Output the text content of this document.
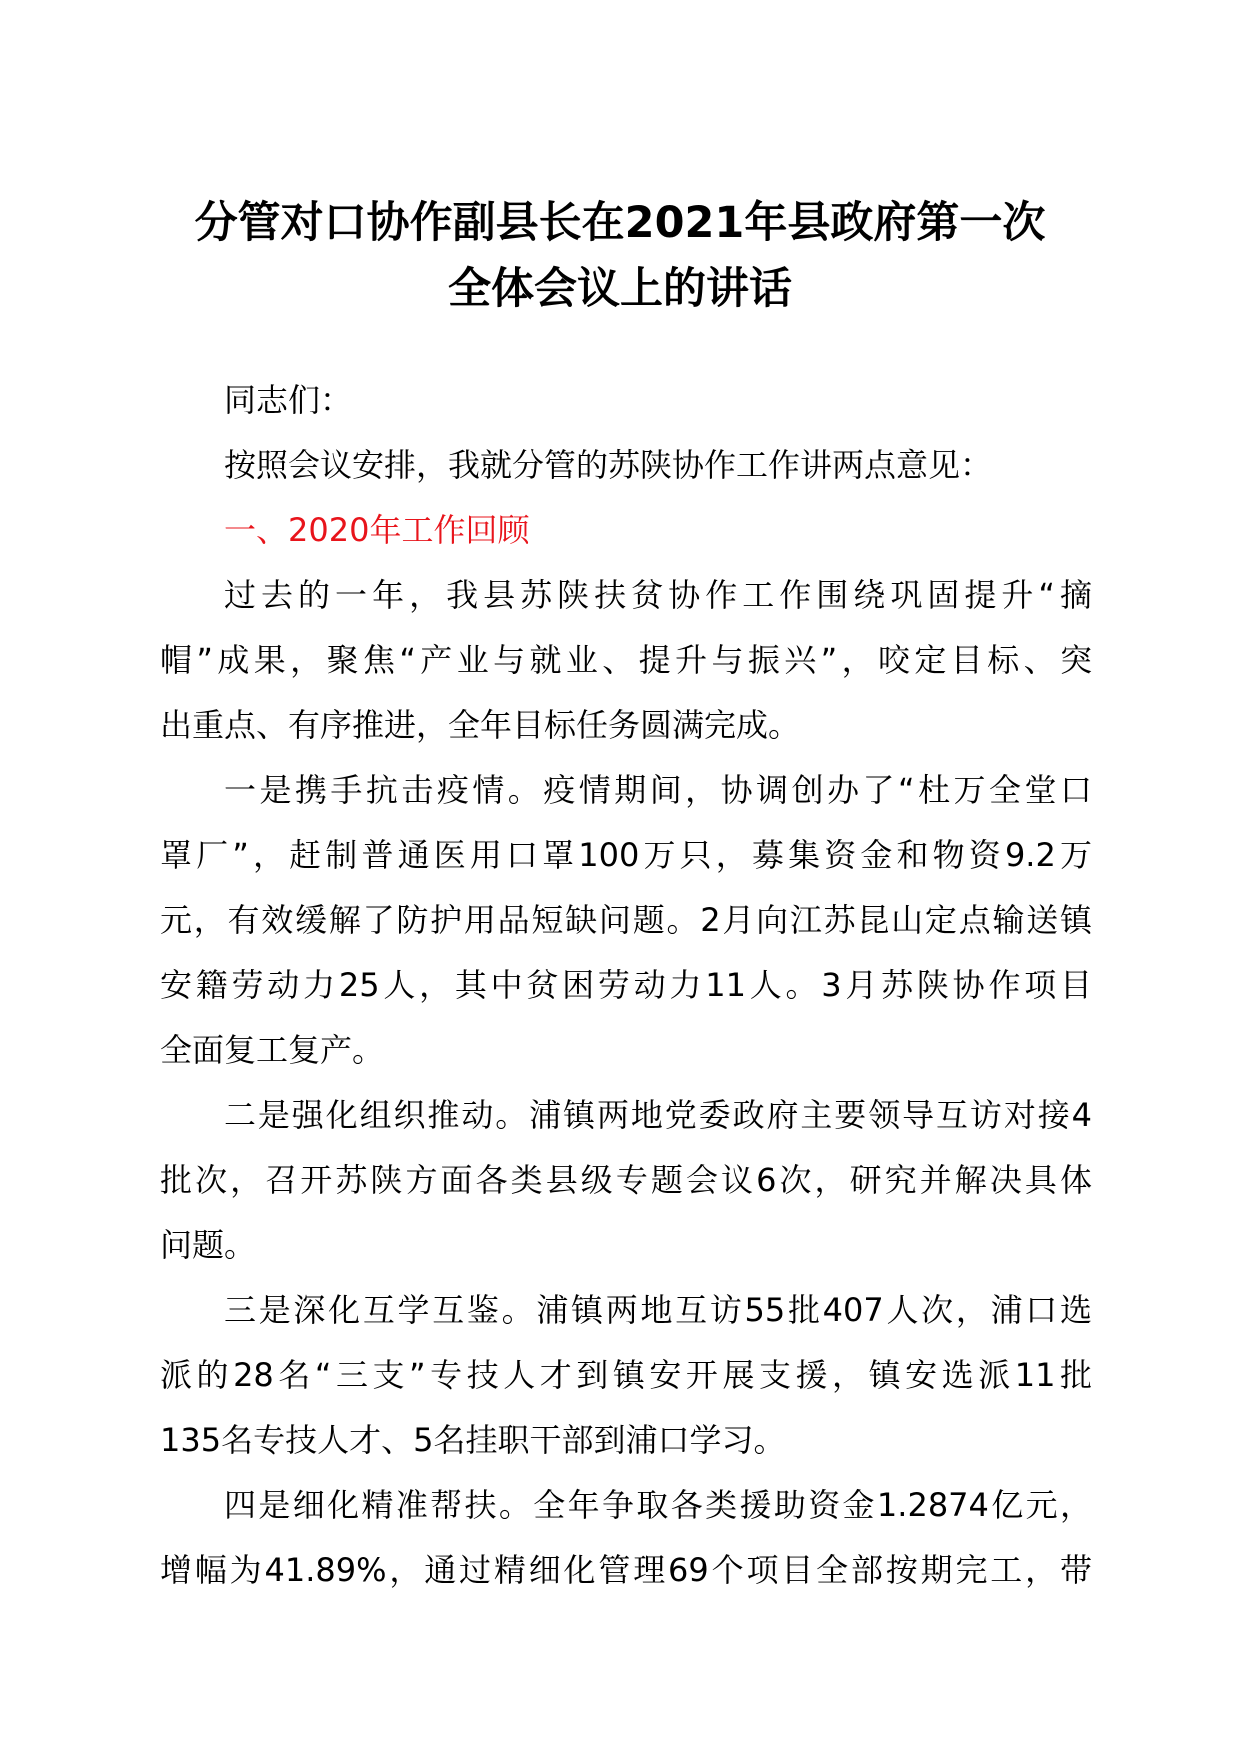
分管对口协作副县长在2021年县政府第一次
全体会议上的讲话
同志们：
按照会议安排，我就分管的苏陕协作工作讲两点意见：
一、2020年工作回顾
过去的一年，我县苏陕扶贫协作工作围绕巩固提升“摘
帽”成果，聚焦“产业与就业、提升与振兴”，咬定目标、突
出重点、有序推进，全年目标任务圆满完成。
一是携手抗击疫情。疫情期间，协调创办了“杜万全堂口
罩厂”，赶制普通医用口罩100万只，募集资金和物资9.2万
元，有效缓解了防护用品短缺问题。2月向江苏昆山定点输送镇
安籍劳动力25人，其中贫困劳动力11人。3月苏陕协作项目
全面复工复产。
二是强化组织推动。浦镇两地党委政府主要领导互访对接4
批次，召开苏陕方面各类县级专题会议6次，研究并解决具体
问题。
三是深化互学互鉴。浦镇两地互访55批407人次，浦口选
派的28名“三支”专技人才到镇安开展支援，镇安选派11批
135名专技人才、5名挂职干部到浦口学习。
四是细化精准帮扶。全年争取各类援助资金1.2874亿元，
增幅为41.89%，通过精细化管理69个项目全部按期完工，带
